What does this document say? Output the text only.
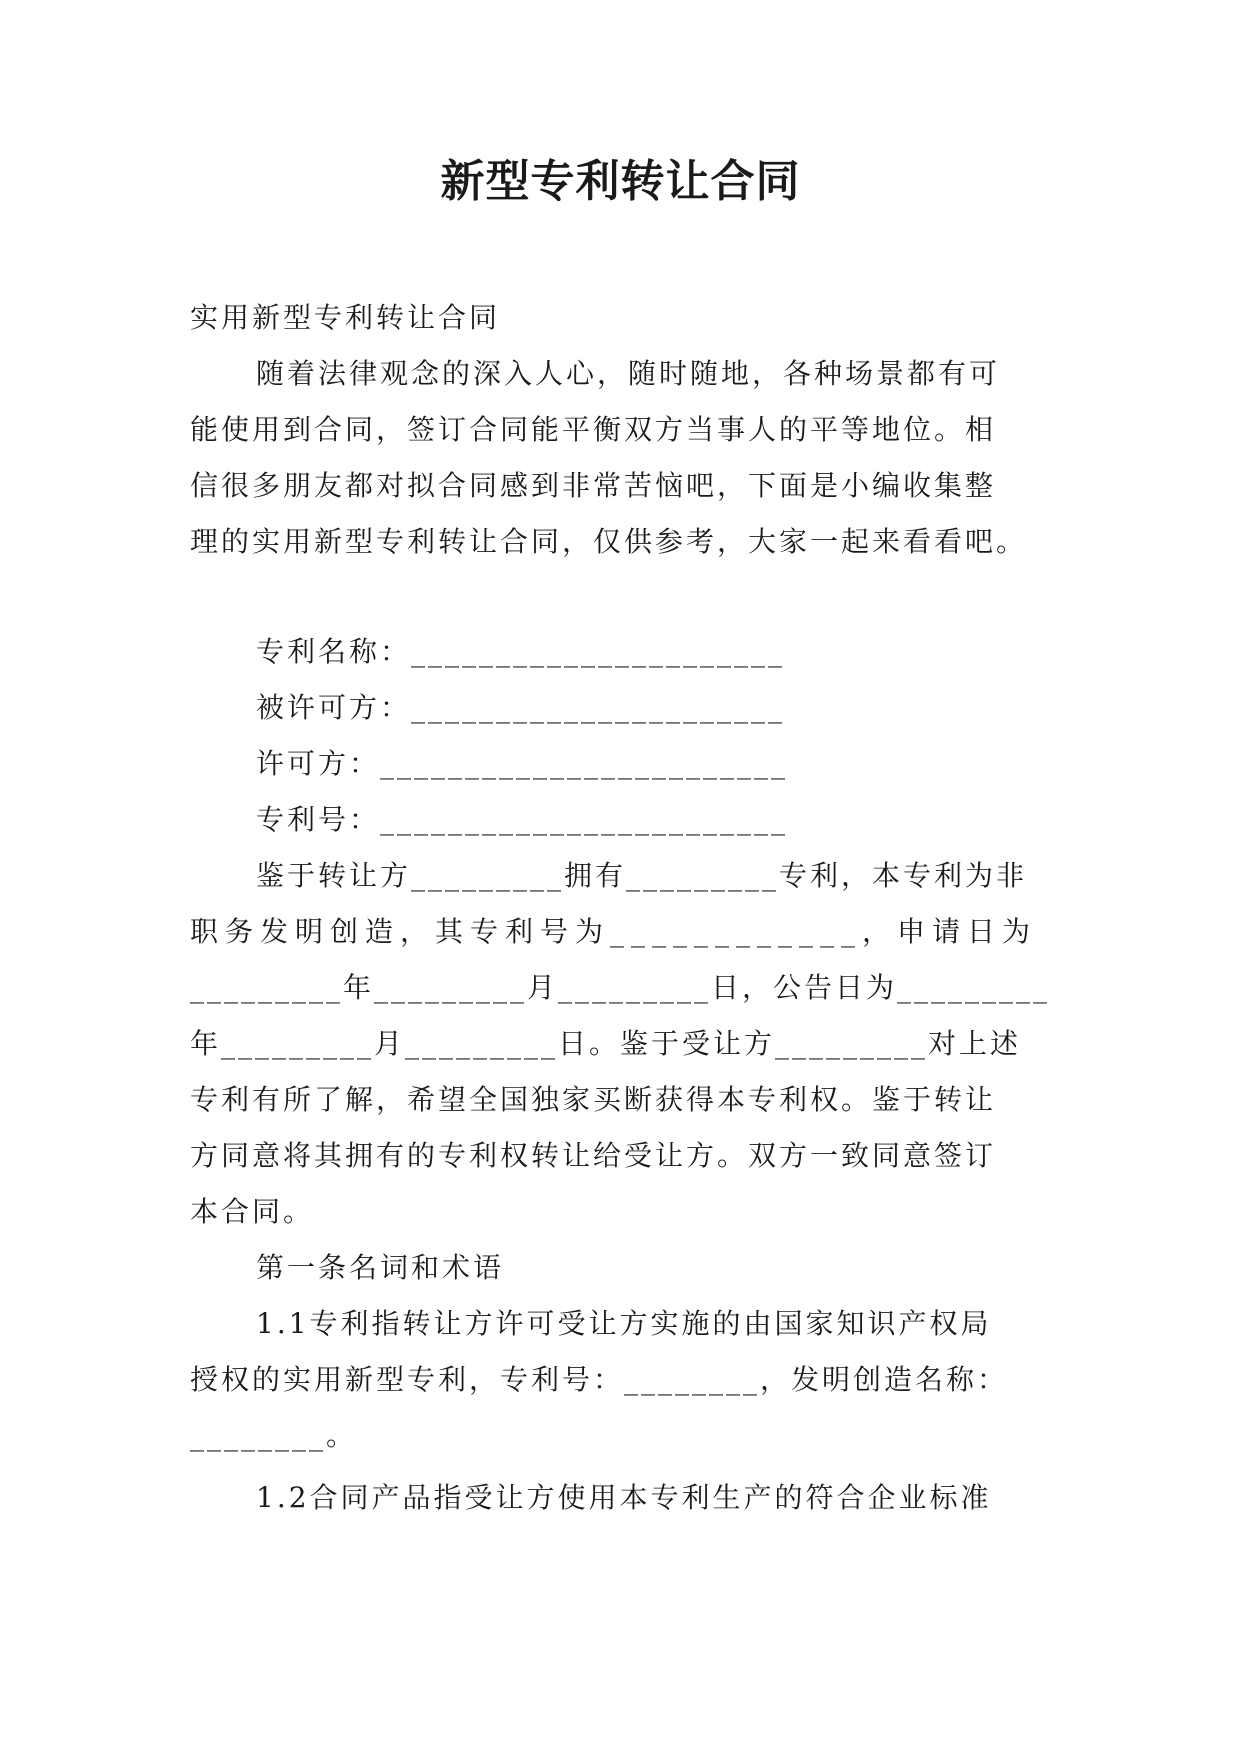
新型专利转让合同
实用新型专利转让合同
随着法律观念的深入人心，随时随地，各种场景都有可
能使用到合同，签订合同能平衡双方当事人的平等地位。相
信很多朋友都对拟合同感到非常苦恼吧，下面是小编收集整
理的实用新型专利转让合同，仅供参考，大家一起来看看吧。
专利名称：______________________
被许可方：______________________
许可方：________________________
专利号：________________________
鉴于转让方_________拥有_________专利，本专利为非
职务发明创造，其专利号为____________，申请日为
_________年_________月_________日，公告日为_________
年_________月_________日。鉴于受让方_________对上述
专利有所了解，希望全国独家买断获得本专利权。鉴于转让
方同意将其拥有的专利权转让给受让方。双方一致同意签订
本合同。
第一条名词和术语
1.1专利指转让方许可受让方实施的由国家知识产权局
授权的实用新型专利，专利号：________，发明创造名称：
________。
1.2合同产品指受让方使用本专利生产的符合企业标准
